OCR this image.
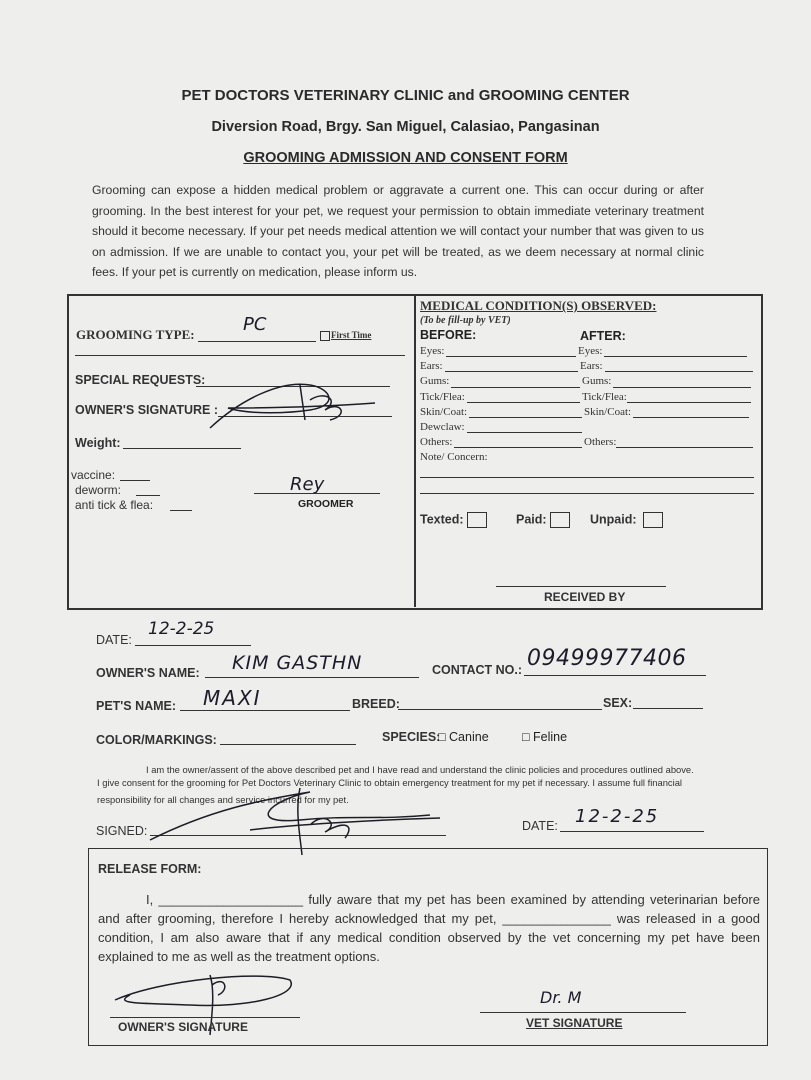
PET DOCTORS VETERINARY CLINIC and GROOMING CENTER
Diversion Road, Brgy. San Miguel, Calasiao, Pangasinan
GROOMING ADMISSION AND CONSENT FORM
Grooming can expose a hidden medical problem or aggravate a current one. This can occur during or after grooming. In the best interest for your pet, we request your permission to obtain immediate veterinary treatment should it become necessary. If your pet needs medical attention we will contact your number that was given to us on admission. If we are unable to contact you, your pet will be treated, as we deem necessary at normal clinic fees. If your pet is currently on medication, please inform us.
GROOMING TYPE:	PC	First Time
SPECIAL REQUESTS:
OWNER'S SIGNATURE :
Weight:
vaccine:
deworm:
anti tick & flea:
Rey
GROOMER
MEDICAL CONDITION(S) OBSERVED:
(To be fill-up by VET)
BEFORE:	AFTER:
Eyes:	Eyes:
Ears:	Ears:
Gums:	Gums:
Tick/Flea:	Tick/Flea:
Skin/Coat:	Skin/Coat:
Dewclaw:
Others:	Others:
Note/ Concern:
Texted:	Paid:	Unpaid:
RECEIVED BY
DATE:
12-2-25
OWNER'S NAME: KIM GASTHN	CONTACT NO.: 09499977406
PET'S NAME: MAXI	BREED:	SEX:
COLOR/MARKINGS:	SPECIES:
□ Canine	□ Feline
I am the owner/assent of the above described pet and I have read and understand the clinic policies and procedures outlined above.
I give consent for the grooming for Pet Doctors Veterinary Clinic to obtain emergency treatment for my pet if necessary. I assume full financial
responsibility for all changes and service incurred for my pet.
SIGNED:	DATE: 12-2-25
RELEASE FORM:
I, ____________________ fully aware that my pet has been examined by attending veterinarian before and after grooming, therefore I hereby acknowledged that my pet, _______________ was released in a good condition, I am also aware that if any medical condition observed by the vet concerning my pet have been explained to me as well as the treatment options.
OWNER'S SIGNATURE
Dr. M
VET SIGNATURE
